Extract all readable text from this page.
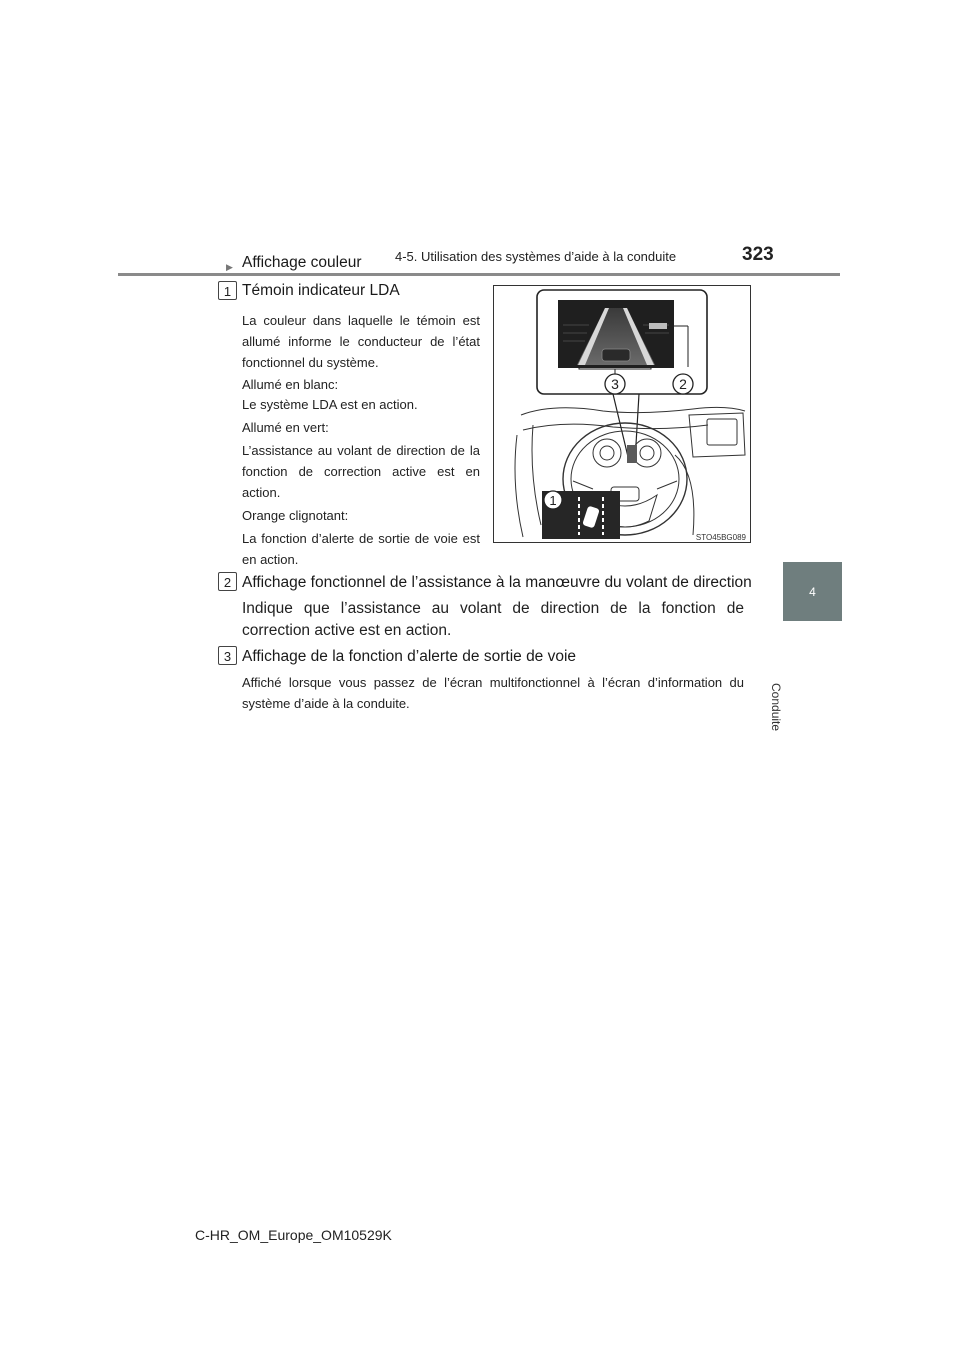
4-5. Utilisation des systèmes d’aide à la conduite	323
4
Conduite
▶ Affichage couleur
1 Témoin indicateur LDA

La couleur dans laquelle le témoin est allumé informe le conducteur de l’état fonctionnel du système.

Allumé en blanc:

Le système LDA est en action.

Allumé en vert:

L’assistance au volant de direction de la fonction de correction active est en action.

Orange clignotant:

La fonction d’alerte de sortie de voie est en action.

3	2
1
STO45BG089
2 Affichage fonctionnel de l’assistance à la manœuvre du volant de direction

Indique que l’assistance au volant de direction de la fonction de correction active est en action.

3 Affichage de la fonction d’alerte de sortie de voie

Affiché lorsque vous passez de l’écran multifonctionnel à l’écran d’information du système d’aide à la conduite.

C-HR_OM_Europe_OM10529K
